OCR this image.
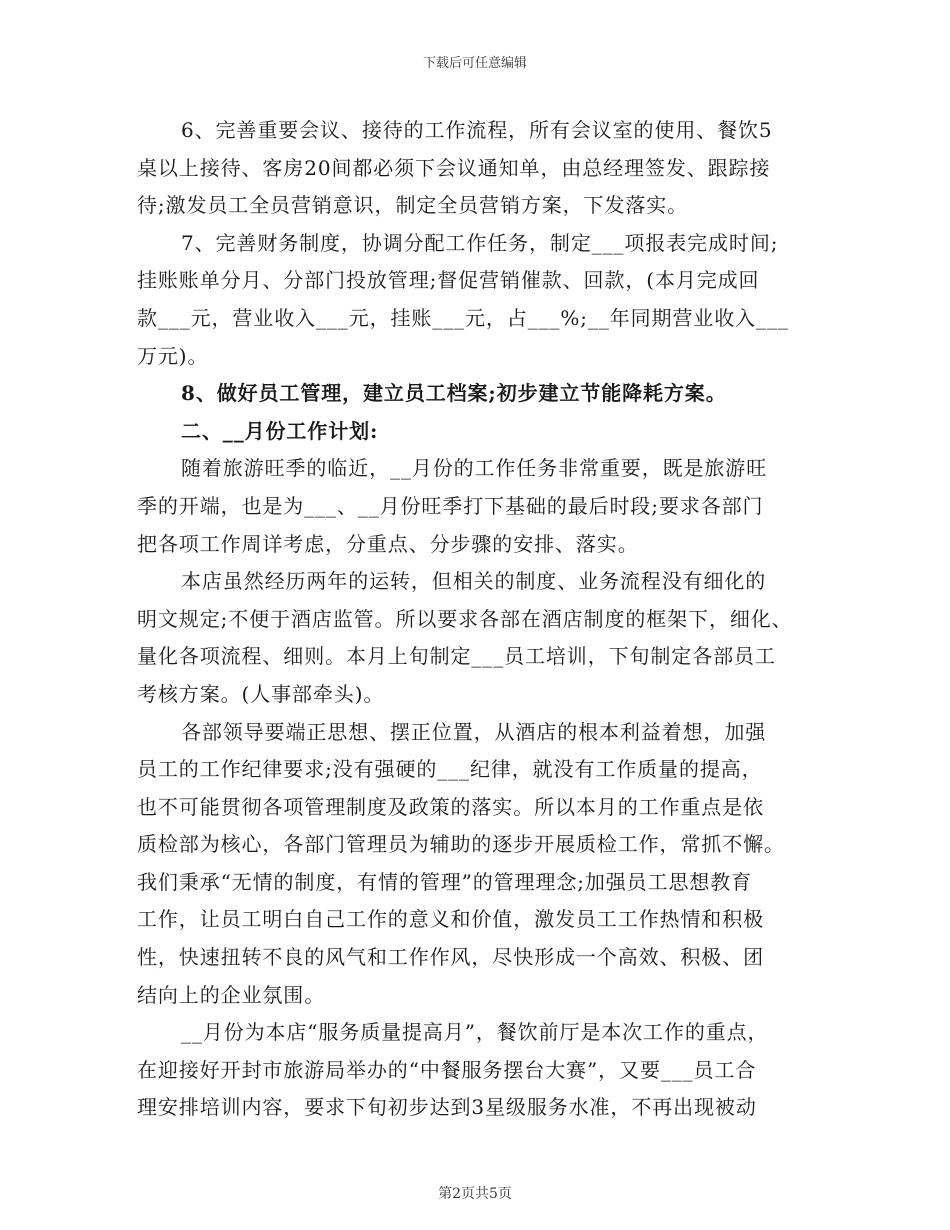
下载后可任意编辑
6、完善重要会议、接待的工作流程，所有会议室的使用、餐饮5
桌以上接待、客房20间都必须下会议通知单，由总经理签发、跟踪接
待;激发员工全员营销意识，制定全员营销方案，下发落实。
7、完善财务制度，协调分配工作任务，制定___项报表完成时间;
挂账账单分月、分部门投放管理;督促营销催款、回款，(本月完成回
款___元，营业收入___元，挂账___元，占___%;__年同期营业收入___
万元)。
8、做好员工管理，建立员工档案;初步建立节能降耗方案。
二、__月份工作计划:
随着旅游旺季的临近，__月份的工作任务非常重要，既是旅游旺
季的开端，也是为___、__月份旺季打下基础的最后时段;要求各部门
把各项工作周详考虑，分重点、分步骤的安排、落实。
本店虽然经历两年的运转，但相关的制度、业务流程没有细化的
明文规定;不便于酒店监管。所以要求各部在酒店制度的框架下，细化、
量化各项流程、细则。本月上旬制定___员工培训，下旬制定各部员工
考核方案。(人事部牵头)。
各部领导要端正思想、摆正位置，从酒店的根本利益着想，加强
员工的工作纪律要求;没有强硬的___纪律，就没有工作质量的提高，
也不可能贯彻各项管理制度及政策的落实。所以本月的工作重点是依
质检部为核心，各部门管理员为辅助的逐步开展质检工作，常抓不懈。
我们秉承“无情的制度，有情的管理”的管理理念;加强员工思想教育
工作，让员工明白自己工作的意义和价值，激发员工工作热情和积极
性，快速扭转不良的风气和工作作风，尽快形成一个高效、积极、团
结向上的企业氛围。
__月份为本店“服务质量提高月”，餐饮前厅是本次工作的重点，
在迎接好开封市旅游局举办的“中餐服务摆台大赛”，又要___员工合
理安排培训内容，要求下旬初步达到3星级服务水准，不再出现被动
第2页共5页
